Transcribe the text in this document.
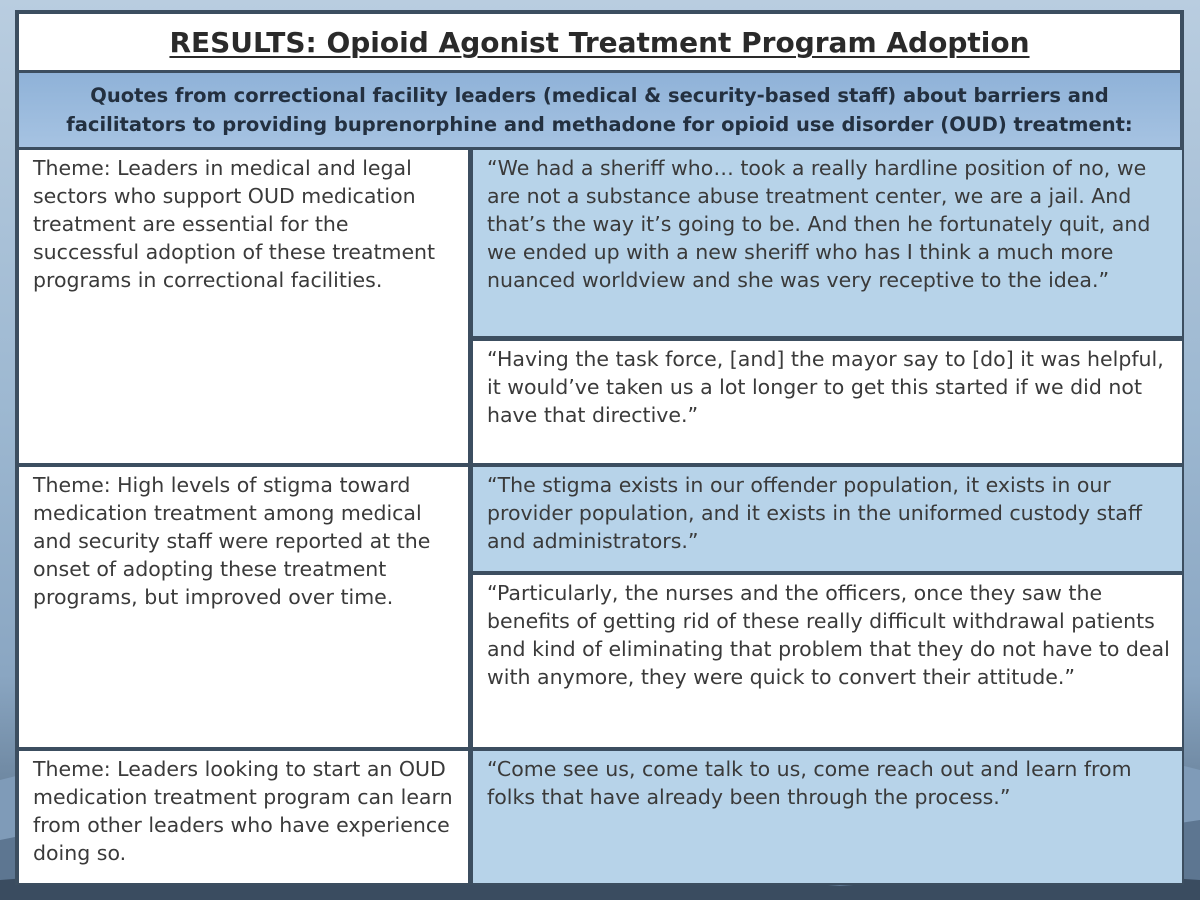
RESULTS: Opioid Agonist Treatment Program Adoption
Quotes from correctional facility leaders (medical & security-based staff) about barriers and facilitators to providing buprenorphine and methadone for opioid use disorder (OUD) treatment:
Theme: Leaders in medical and legal sectors who support OUD medication treatment are essential for the successful adoption of these treatment programs in correctional facilities.
“We had a sheriff who… took a really hardline position of no, we are not a substance abuse treatment center, we are a jail. And that’s the way it’s going to be. And then he fortunately quit, and we ended up with a new sheriff who has I think a much more nuanced worldview and she was very receptive to the idea.”
“Having the task force, [and] the mayor say to [do] it was helpful, it would’ve taken us a lot longer to get this started if we did not have that directive.”
Theme: High levels of stigma toward medication treatment among medical and security staff were reported at the onset of adopting these treatment programs, but improved over time.
“The stigma exists in our offender population, it exists in our provider population, and it exists in the uniformed custody staff and administrators.”
“Particularly, the nurses and the officers, once they saw the benefits of getting rid of these really difficult withdrawal patients and kind of eliminating that problem that they do not have to deal with anymore, they were quick to convert their attitude.”
Theme: Leaders looking to start an OUD medication treatment program can learn from other leaders who have experience doing so.
“Come see us, come talk to us, come reach out and learn from folks that have already been through the process.”
